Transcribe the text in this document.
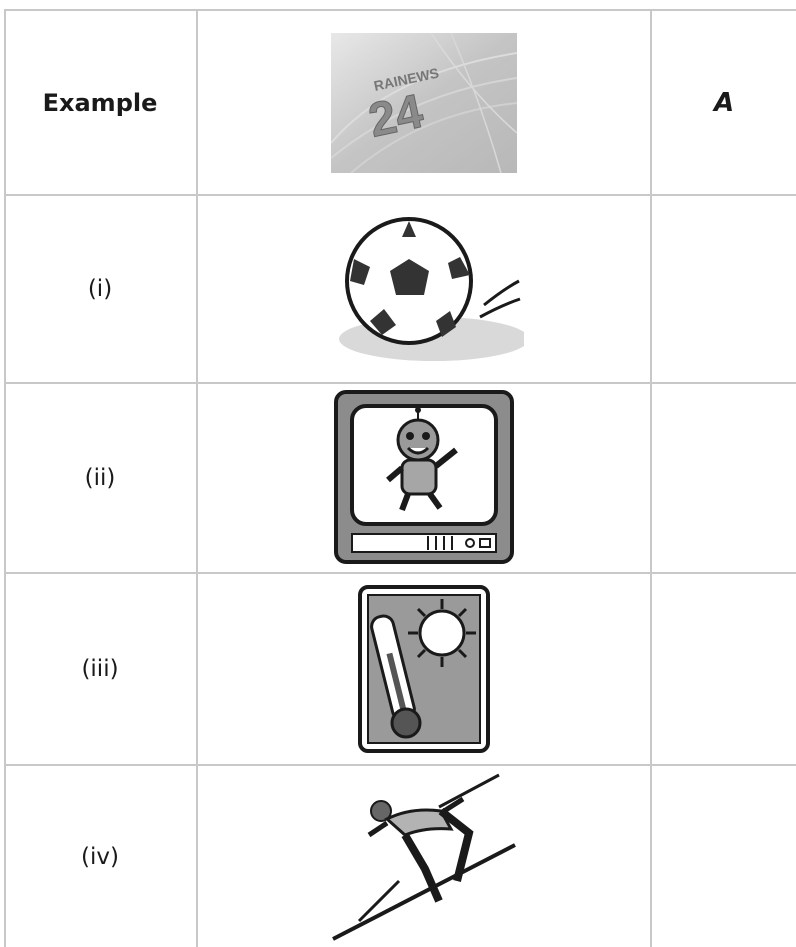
Example
RAINEWS
24	A
(i)
(ii)
(iii)
(iv)
